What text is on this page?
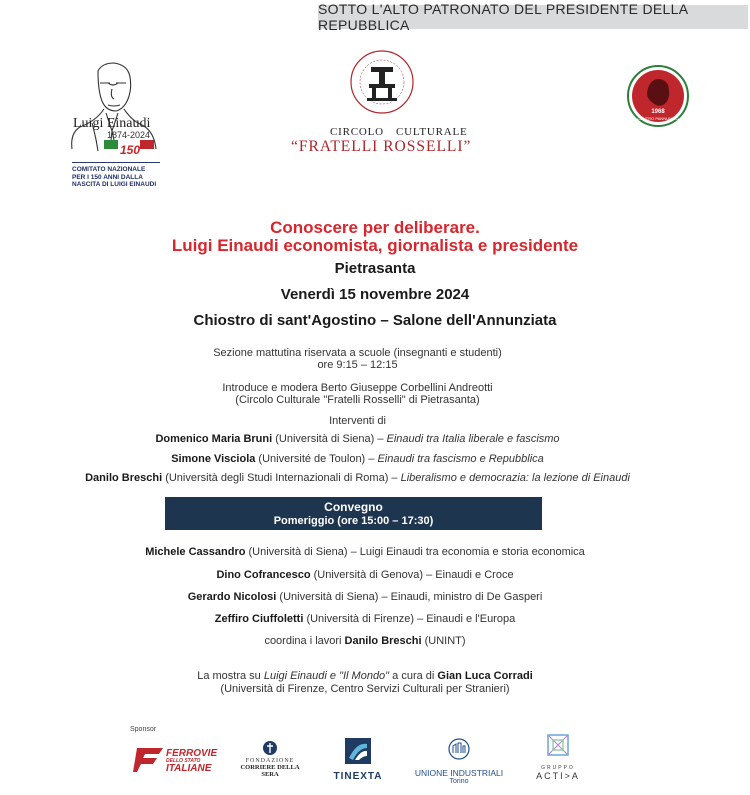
SOTTO L'ALTO PATRONATO DEL PRESIDENTE DELLA REPUBBLICA
Luigi Einaudi
1874-2024
150
COMITATO NAZIONALE
PER I 150 ANNI DALLA
NASCITA DI LUIGI EINAUDI
CIRCOLO CULTURALE
“FRATELLI ROSSELLI”
1968
CENTRO PANNUNZIO
Conoscere per deliberare.
Luigi Einaudi economista, giornalista e presidente
Pietrasanta
Venerdì 15 novembre 2024
Chiostro di sant'Agostino – Salone dell'Annunziata
Sezione mattutina riservata a scuole (insegnanti e studenti)
ore 9:15 – 12:15
Introduce e modera Berto Giuseppe Corbellini Andreotti
(Circolo Culturale "Fratelli Rosselli" di Pietrasanta)
Interventi di
Domenico Maria Bruni (Università di Siena) – Einaudi tra Italia liberale e fascismo
Simone Visciola (Université de Toulon) – Einaudi tra fascismo e Repubblica
Danilo Breschi (Università degli Studi Internazionali di Roma) – Liberalismo e democrazia: la lezione di Einaudi
Convegno
Pomeriggio (ore 15:00 – 17:30)
Michele Cassandro (Università di Siena) – Luigi Einaudi tra economia e storia economica
Dino Cofrancesco (Università di Genova) – Einaudi e Croce
Gerardo Nicolosi (Università di Siena) – Einaudi, ministro di De Gasperi
Zeffiro Ciuffoletti (Università di Firenze) – Einaudi e l'Europa
coordina i lavori Danilo Breschi (UNINT)
La mostra su Luigi Einaudi e "Il Mondo" a cura di Gian Luca Corradi
(Università di Firenze, Centro Servizi Culturali per Stranieri)
Sponsor
FERROVIE
DELLO STATO
ITALIANE
FONDAZIONE
CORRIERE DELLA SERA	TINEXTA	UNIONE INDUSTRIALI
Torino
GRUPPO
ACTI>A
